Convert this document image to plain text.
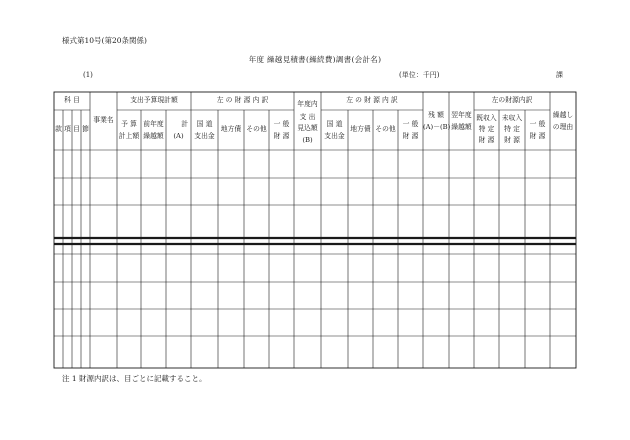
様式第10号(第20条関係)
年度 繰越見積書(繰続費)調書(会計名)
(1)	(単位：千円)	課
科 目
款 項 目 節
事業名
支出予算現計額
予 算
計上額
前年度
繰越額
計
(A)
左 の 財 源 内 訳
国 道
支出金
地方債 その他
一 般
財 源
年度内
支 出
見込額
(B)
左 の 財 源 内 訳
国 道
支出金
地方債 その他
一 般
財 源
残 額
(A)－(B)
翌年度
繰越額
左の財源内訳
既収入
特 定
財 源
未収入
特 定
財 源
一 般
財 源
繰越し
の理由
注 1 財源内訳は、目ごとに記載すること。
